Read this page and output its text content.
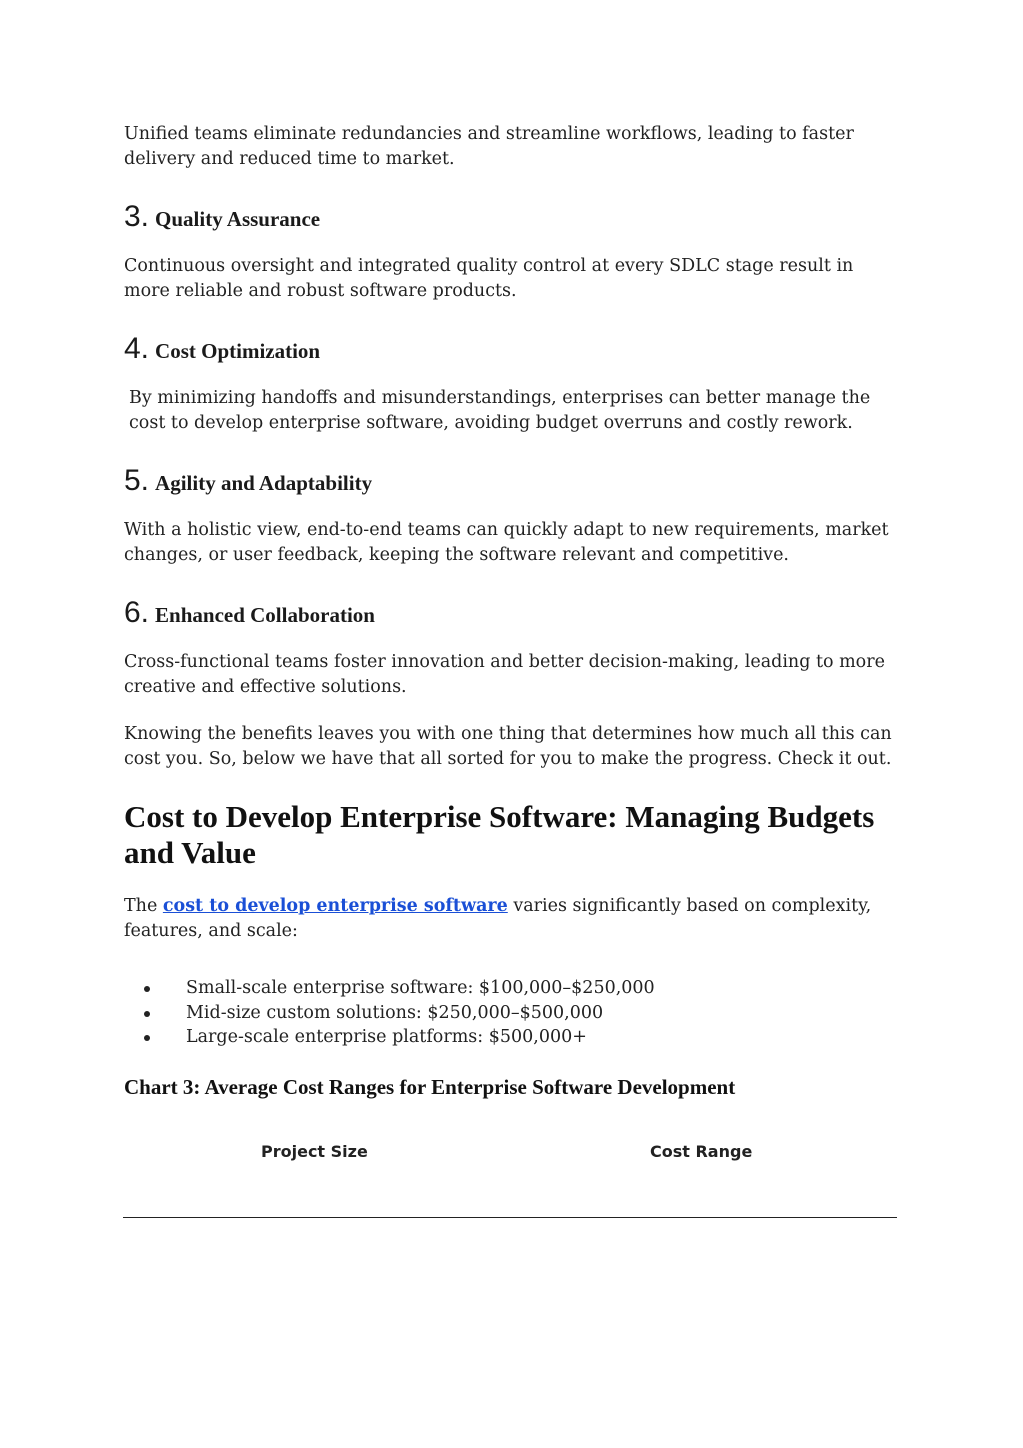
Unified teams eliminate redundancies and streamline workflows, leading to faster delivery and reduced time to market.

3. Quality Assurance

Continuous oversight and integrated quality control at every SDLC stage result in more reliable and robust software products.

4. Cost Optimization

By minimizing handoffs and misunderstandings, enterprises can better manage the cost to develop enterprise software, avoiding budget overruns and costly rework.

5. Agility and Adaptability

With a holistic view, end-to-end teams can quickly adapt to new requirements, market changes, or user feedback, keeping the software relevant and competitive.

6. Enhanced Collaboration

Cross-functional teams foster innovation and better decision-making, leading to more creative and effective solutions.

Knowing the benefits leaves you with one thing that determines how much all this can cost you. So, below we have that all sorted for you to make the progress. Check it out.

Cost to Develop Enterprise Software: Managing Budgets and Value

The cost to develop enterprise software varies significantly based on complexity, features, and scale:

Small-scale enterprise software: $100,000–$250,000
Mid-size custom solutions: $250,000–$500,000
Large-scale enterprise platforms: $500,000+
Chart 3: Average Cost Ranges for Enterprise Software Development
Project Size	Cost Range
